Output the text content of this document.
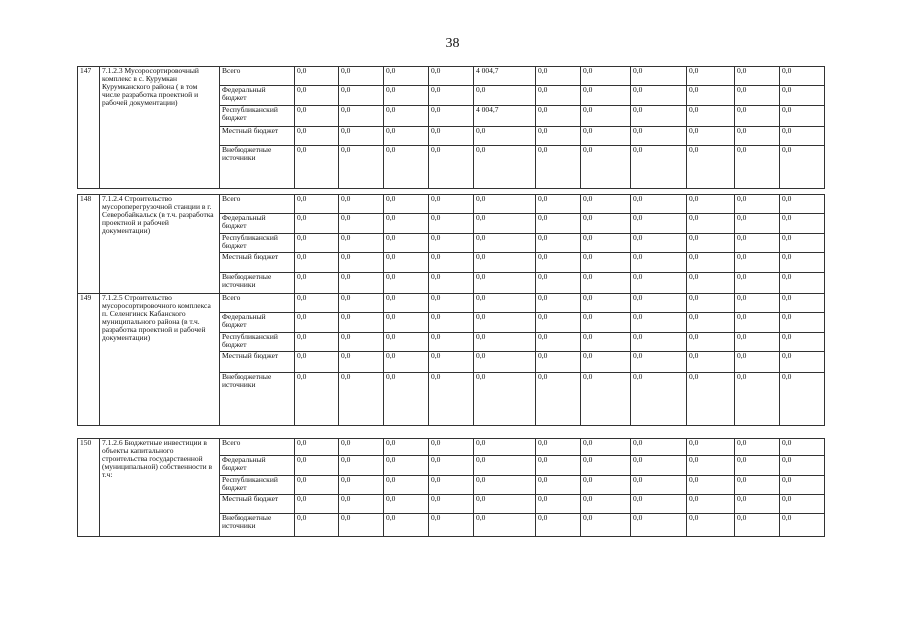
38
147	7.1.2.3 Мусоросортировочный комплекс в с. Курумкан Курумканского района ( в том числе разработка проектной и рабочей документации)	Всего	0,0	0,0	0,0	0,0	4 004,7	0,0	0,0	0,0	0,0	0,0	0,0
		Федеральный бюджет	0,0	0,0	0,0	0,0	0,0	0,0	0,0	0,0	0,0	0,0	0,0
		Республиканский бюджет	0,0	0,0	0,0	0,0	4 004,7	0,0	0,0	0,0	0,0	0,0	0,0
		Местный бюджет	0,0	0,0	0,0	0,0	0,0	0,0	0,0	0,0	0,0	0,0	0,0
		Внебюджетные источники	0,0	0,0	0,0	0,0	0,0	0,0	0,0	0,0	0,0	0,0	0,0

148	7.1.2.4 Строительство мусороперегрузочной станции в г. Северобайкальск (в т.ч. разработка проектной и рабочей документации)	Всего	0,0	0,0	0,0	0,0	0,0	0,0	0,0	0,0	0,0	0,0	0,0
		Федеральный бюджет	0,0	0,0	0,0	0,0	0,0	0,0	0,0	0,0	0,0	0,0	0,0
		Республиканский бюджет	0,0	0,0	0,0	0,0	0,0	0,0	0,0	0,0	0,0	0,0	0,0
		Местный бюджет	0,0	0,0	0,0	0,0	0,0	0,0	0,0	0,0	0,0	0,0	0,0
		Внебюджетные источники	0,0	0,0	0,0	0,0	0,0	0,0	0,0	0,0	0,0	0,0	0,0
149	7.1.2.5 Строительство мусоросортировочного комплекса п. Селенгинск Кабанского муниципального района (в т.ч. разработка проектной и рабочей документации)	Всего	0,0	0,0	0,0	0,0	0,0	0,0	0,0	0,0	0,0	0,0	0,0
		Федеральный бюджет	0,0	0,0	0,0	0,0	0,0	0,0	0,0	0,0	0,0	0,0	0,0
		Республиканский бюджет	0,0	0,0	0,0	0,0	0,0	0,0	0,0	0,0	0,0	0,0	0,0
		Местный бюджет	0,0	0,0	0,0	0,0	0,0	0,0	0,0	0,0	0,0	0,0	0,0
		Внебюджетные источники	0,0	0,0	0,0	0,0	0,0	0,0	0,0	0,0	0,0	0,0	0,0

150	7.1.2.6 Бюджетные инвестиции в объекты капитального строительства государственной (муниципальной) собственности в т.ч:	Всего	0,0	0,0	0,0	0,0	0,0	0,0	0,0	0,0	0,0	0,0	0,0
		Федеральный бюджет	0,0	0,0	0,0	0,0	0,0	0,0	0,0	0,0	0,0	0,0	0,0
		Республиканский бюджет	0,0	0,0	0,0	0,0	0,0	0,0	0,0	0,0	0,0	0,0	0,0
		Местный бюджет	0,0	0,0	0,0	0,0	0,0	0,0	0,0	0,0	0,0	0,0	0,0
		Внебюджетные источники	0,0	0,0	0,0	0,0	0,0	0,0	0,0	0,0	0,0	0,0	0,0
